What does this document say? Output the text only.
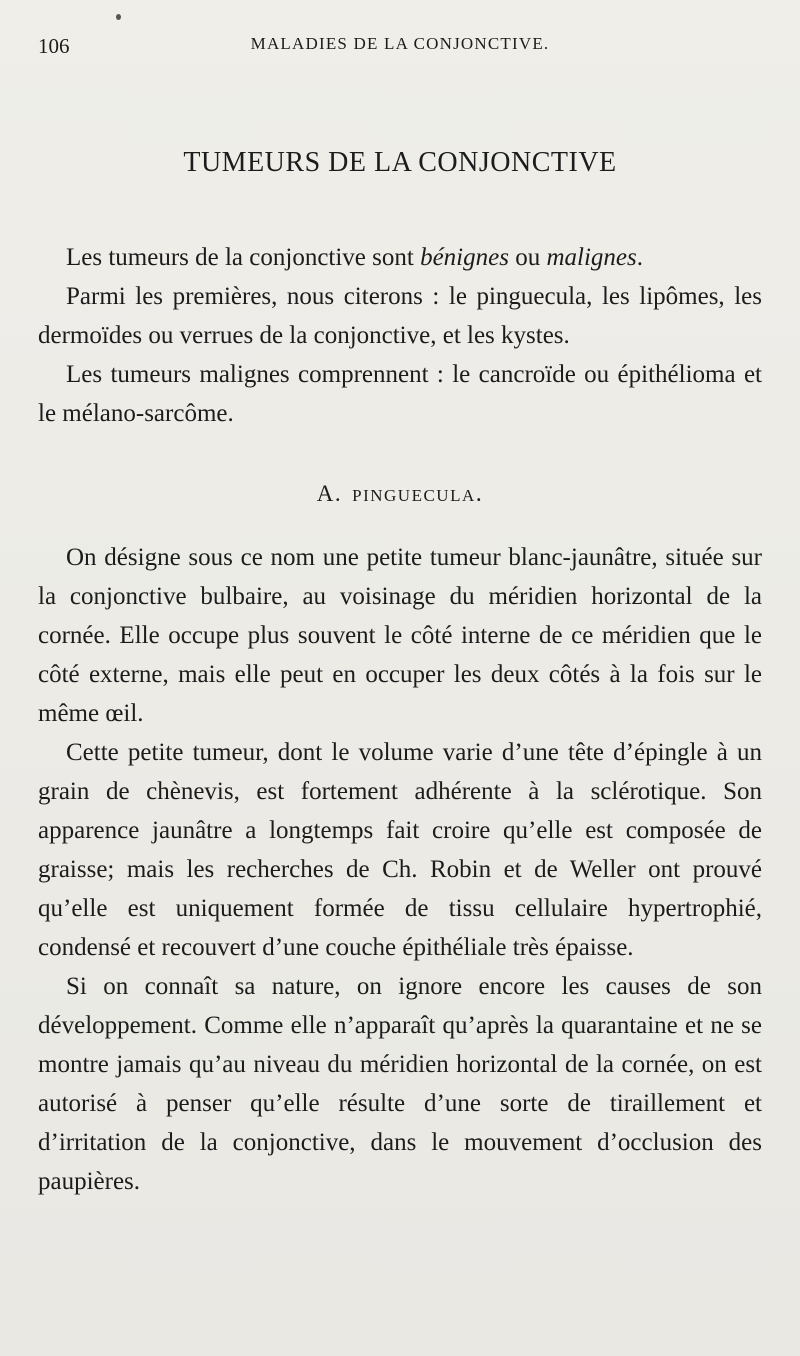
106	MALADIES DE LA CONJONCTIVE.
TUMEURS DE LA CONJONCTIVE

Les tumeurs de la conjonctive sont bénignes ou malignes.

Parmi les premières, nous citerons : le pinguecula, les lipômes, les dermoïdes ou verrues de la conjonctive, et les kystes.

Les tumeurs malignes comprennent : le cancroïde ou épithélioma et le mélano-sarcôme.

A. pinguecula.

On désigne sous ce nom une petite tumeur blanc-jaunâtre, située sur la conjonctive bulbaire, au voisinage du méridien horizontal de la cornée. Elle occupe plus souvent le côté interne de ce méridien que le côté externe, mais elle peut en occuper les deux côtés à la fois sur le même œil.

Cette petite tumeur, dont le volume varie d’une tête d’épingle à un grain de chènevis, est fortement adhérente à la sclérotique. Son apparence jaunâtre a longtemps fait croire qu’elle est composée de graisse; mais les recherches de Ch. Robin et de Weller ont prouvé qu’elle est uniquement formée de tissu cellulaire hypertrophié, condensé et recouvert d’une couche épithéliale très épaisse.

Si on connaît sa nature, on ignore encore les causes de son développement. Comme elle n’apparaît qu’après la quarantaine et ne se montre jamais qu’au niveau du méridien horizontal de la cornée, on est autorisé à penser qu’elle résulte d’une sorte de tiraillement et d’irritation de la conjonctive, dans le mouvement d’occlusion des paupières.
